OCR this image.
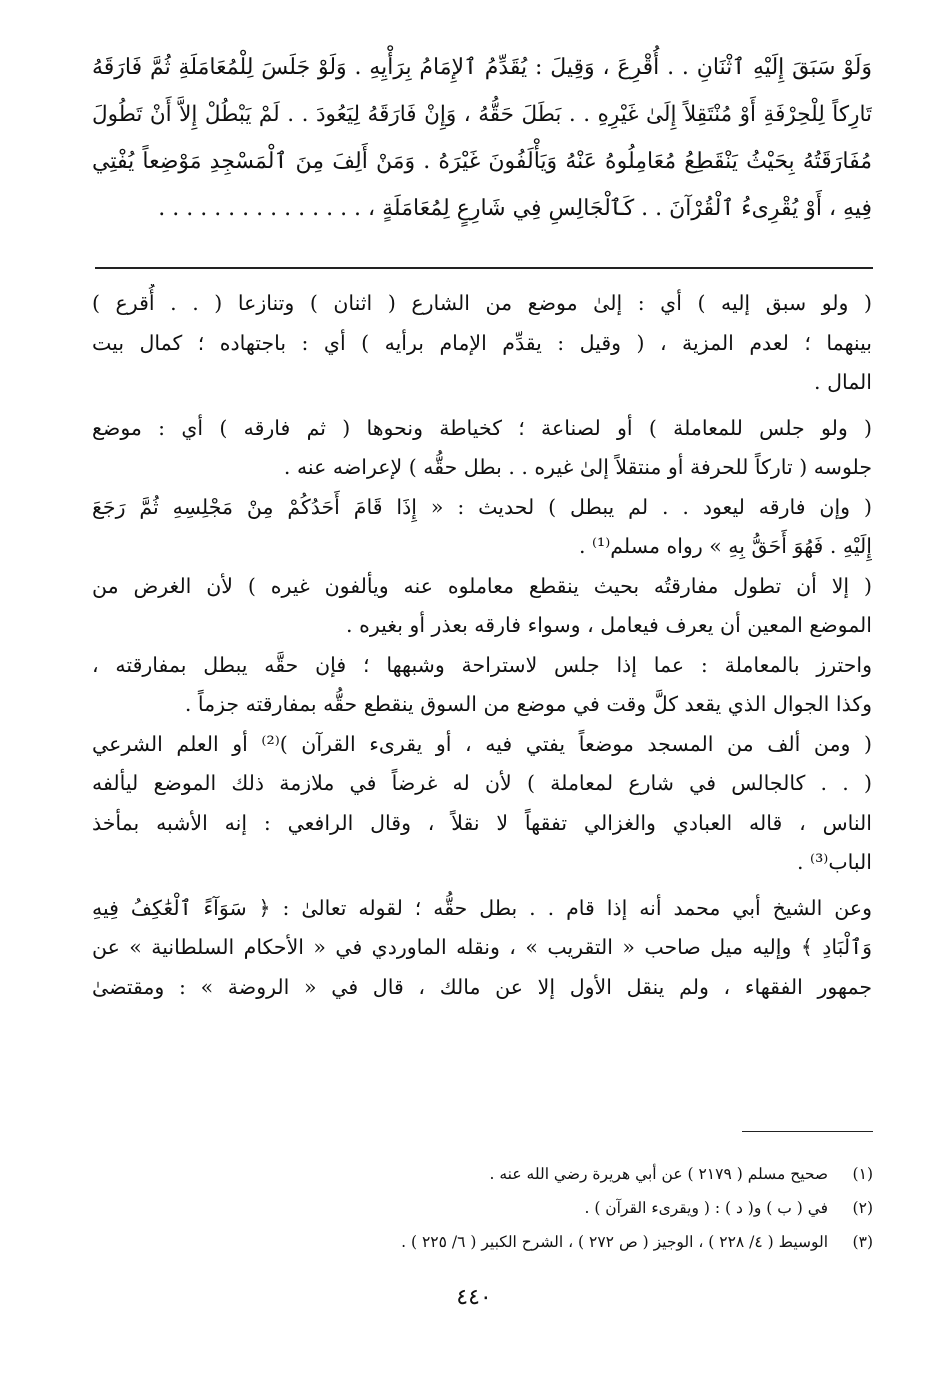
وَلَوْ سَبَقَ إِلَيْهِ ٱثْنَانِ . . أُقْرِعَ ، وَقِيلَ : يُقَدِّمُ ٱلإِمَامُ بِرَأْيِهِ . وَلَوْ جَلَسَ لِلْمُعَامَلَةِ ثُمَّ فَارَقَهُ
تَارِكاً لِلْحِرْفَةِ أَوْ مُنْتَقِلاً إِلَىٰ غَيْرِهِ . . بَطَلَ حَقُّهُ ، وَإِنْ فَارَقَهُ لِيَعُودَ . . لَمْ يَبْطُلْ إِلاَّ أَنْ تَطُولَ
مُفَارَقَتُهُ بِحَيْثُ يَنْقَطِعُ مُعَامِلُوهُ عَنْهُ وَيَأْلَفُونَ غَيْرَهُ . وَمَنْ أَلِفَ مِنَ ٱلْمَسْجِدِ مَوْضِعاً يُفْتِي
فِيهِ ، أَوْ يُقْرِىءُ ٱلْقُرْآنَ . . كَٱلْجَالِسِ فِي شَارِعٍ لِمُعَامَلَةٍ ، . . . . . . . . . . . . . . .
( ولو سبق إليه ) أي : إلىٰ موضع من الشارع ( اثنان ) وتنازعا ( . . أُقرع )
بينهما ؛ لعدم المزية ، ( وقيل : يقدِّم الإمام برأيه ) أي : باجتهاده ؛ كمال بيت
المال .
( ولو جلس للمعاملة ) أو لصناعة ؛ كخياطة ونحوها ( ثم فارقه ) أي : موضع
جلوسه ( تاركاً للحرفة أو منتقلاً إلىٰ غيره . . بطل حقُّه ) لإعراضه عنه .
( وإن فارقه ليعود . . لم يبطل ) لحديث : « إِذَا قَامَ أَحَدُكُمْ مِنْ مَجْلِسِهِ ثُمَّ رَجَعَ
إِلَيْهِ . فَهُوَ أَحَقُّ بِهِ » رواه مسلم⁽¹⁾ .
( إلا أن تطول مفارقتُه بحيث ينقطع معاملوه عنه ويألفون غيره ) لأن الغرض من
الموضع المعين أن يعرف فيعامل ، وسواء فارقه بعذر أو بغيره .
واحترز بالمعاملة : عما إذا جلس لاستراحة وشبهها ؛ فإن حقَّه يبطل بمفارقته ،
وكذا الجوال الذي يقعد كلَّ وقت في موضع من السوق ينقطع حقُّه بمفارقته جزماً .
( ومن ألف من المسجد موضعاً يفتي فيه ، أو يقرىء القرآن )⁽²⁾ أو العلم الشرعي
( . . كالجالس في شارع لمعاملة ) لأن له غرضاً في ملازمة ذلك الموضع ليألفه
الناس ، قاله العبادي والغزالي تفقهاً لا نقلاً ، وقال الرافعي : إنه الأشبه بمأخذ
الباب⁽³⁾ .
وعن الشيخ أبي محمد أنه إذا قام . . بطل حقُّه ؛ لقوله تعالىٰ : ﴿ سَوَآءً ٱلْعَٰكِفُ فِيهِ
وَٱلْبَادِ ﴾ وإليه ميل صاحب « التقريب » ، ونقله الماوردي في « الأحكام السلطانية » عن
جمهور الفقهاء ، ولم ينقل الأول إلا عن مالك ، قال في « الروضة » : ومقتضىٰ
(١) صحيح مسلم ( ٢١٧٩ ) عن أبي هريرة رضي الله عنه .
(٢) في ( ب ) و( د ) : ( ويقرىء القرآن ) .
(٣) الوسيط ( ٤/ ٢٢٨ ) ، الوجيز ( ص ٢٧٢ ) ، الشرح الكبير ( ٦/ ٢٢٥ ) .
٤٤٠
